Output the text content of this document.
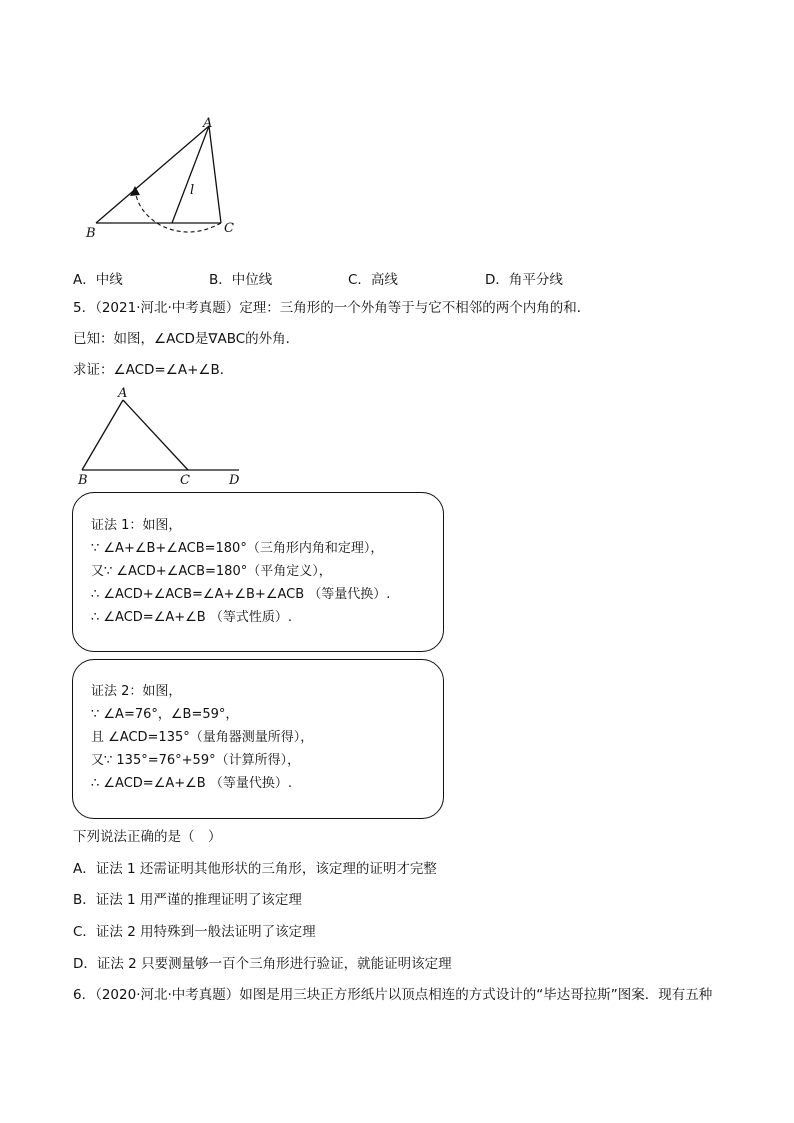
A
B	C
l
A．中线	B．中位线	C．高线	D．角平分线
5．（2021·河北·中考真题）定理：三角形的一个外角等于与它不相邻的两个内角的和．
已知：如图，∠ACD是∇ABC的外角．
求证：∠ACD=∠A+∠B．
A
B	C	D
证法 1：如图，
∵ ∠A+∠B+∠ACB=180°（三角形内角和定理），
又∵ ∠ACD+∠ACB=180°（平角定义），
∴ ∠ACD+∠ACB=∠A+∠B+∠ACB （等量代换）.
∴ ∠ACD=∠A+∠B （等式性质）.
证法 2：如图，
∵ ∠A=76°，∠B=59°，
且 ∠ACD=135°（量角器测量所得），
又∵ 135°=76°+59°（计算所得），
∴ ∠ACD=∠A+∠B （等量代换）.
下列说法正确的是（　）
A．证法 1 还需证明其他形状的三角形，该定理的证明才完整
B．证法 1 用严谨的推理证明了该定理
C．证法 2 用特殊到一般法证明了该定理
D．证法 2 只要测量够一百个三角形进行验证，就能证明该定理
6．（2020·河北·中考真题）如图是用三块正方形纸片以顶点相连的方式设计的“毕达哥拉斯”图案．现有五种
